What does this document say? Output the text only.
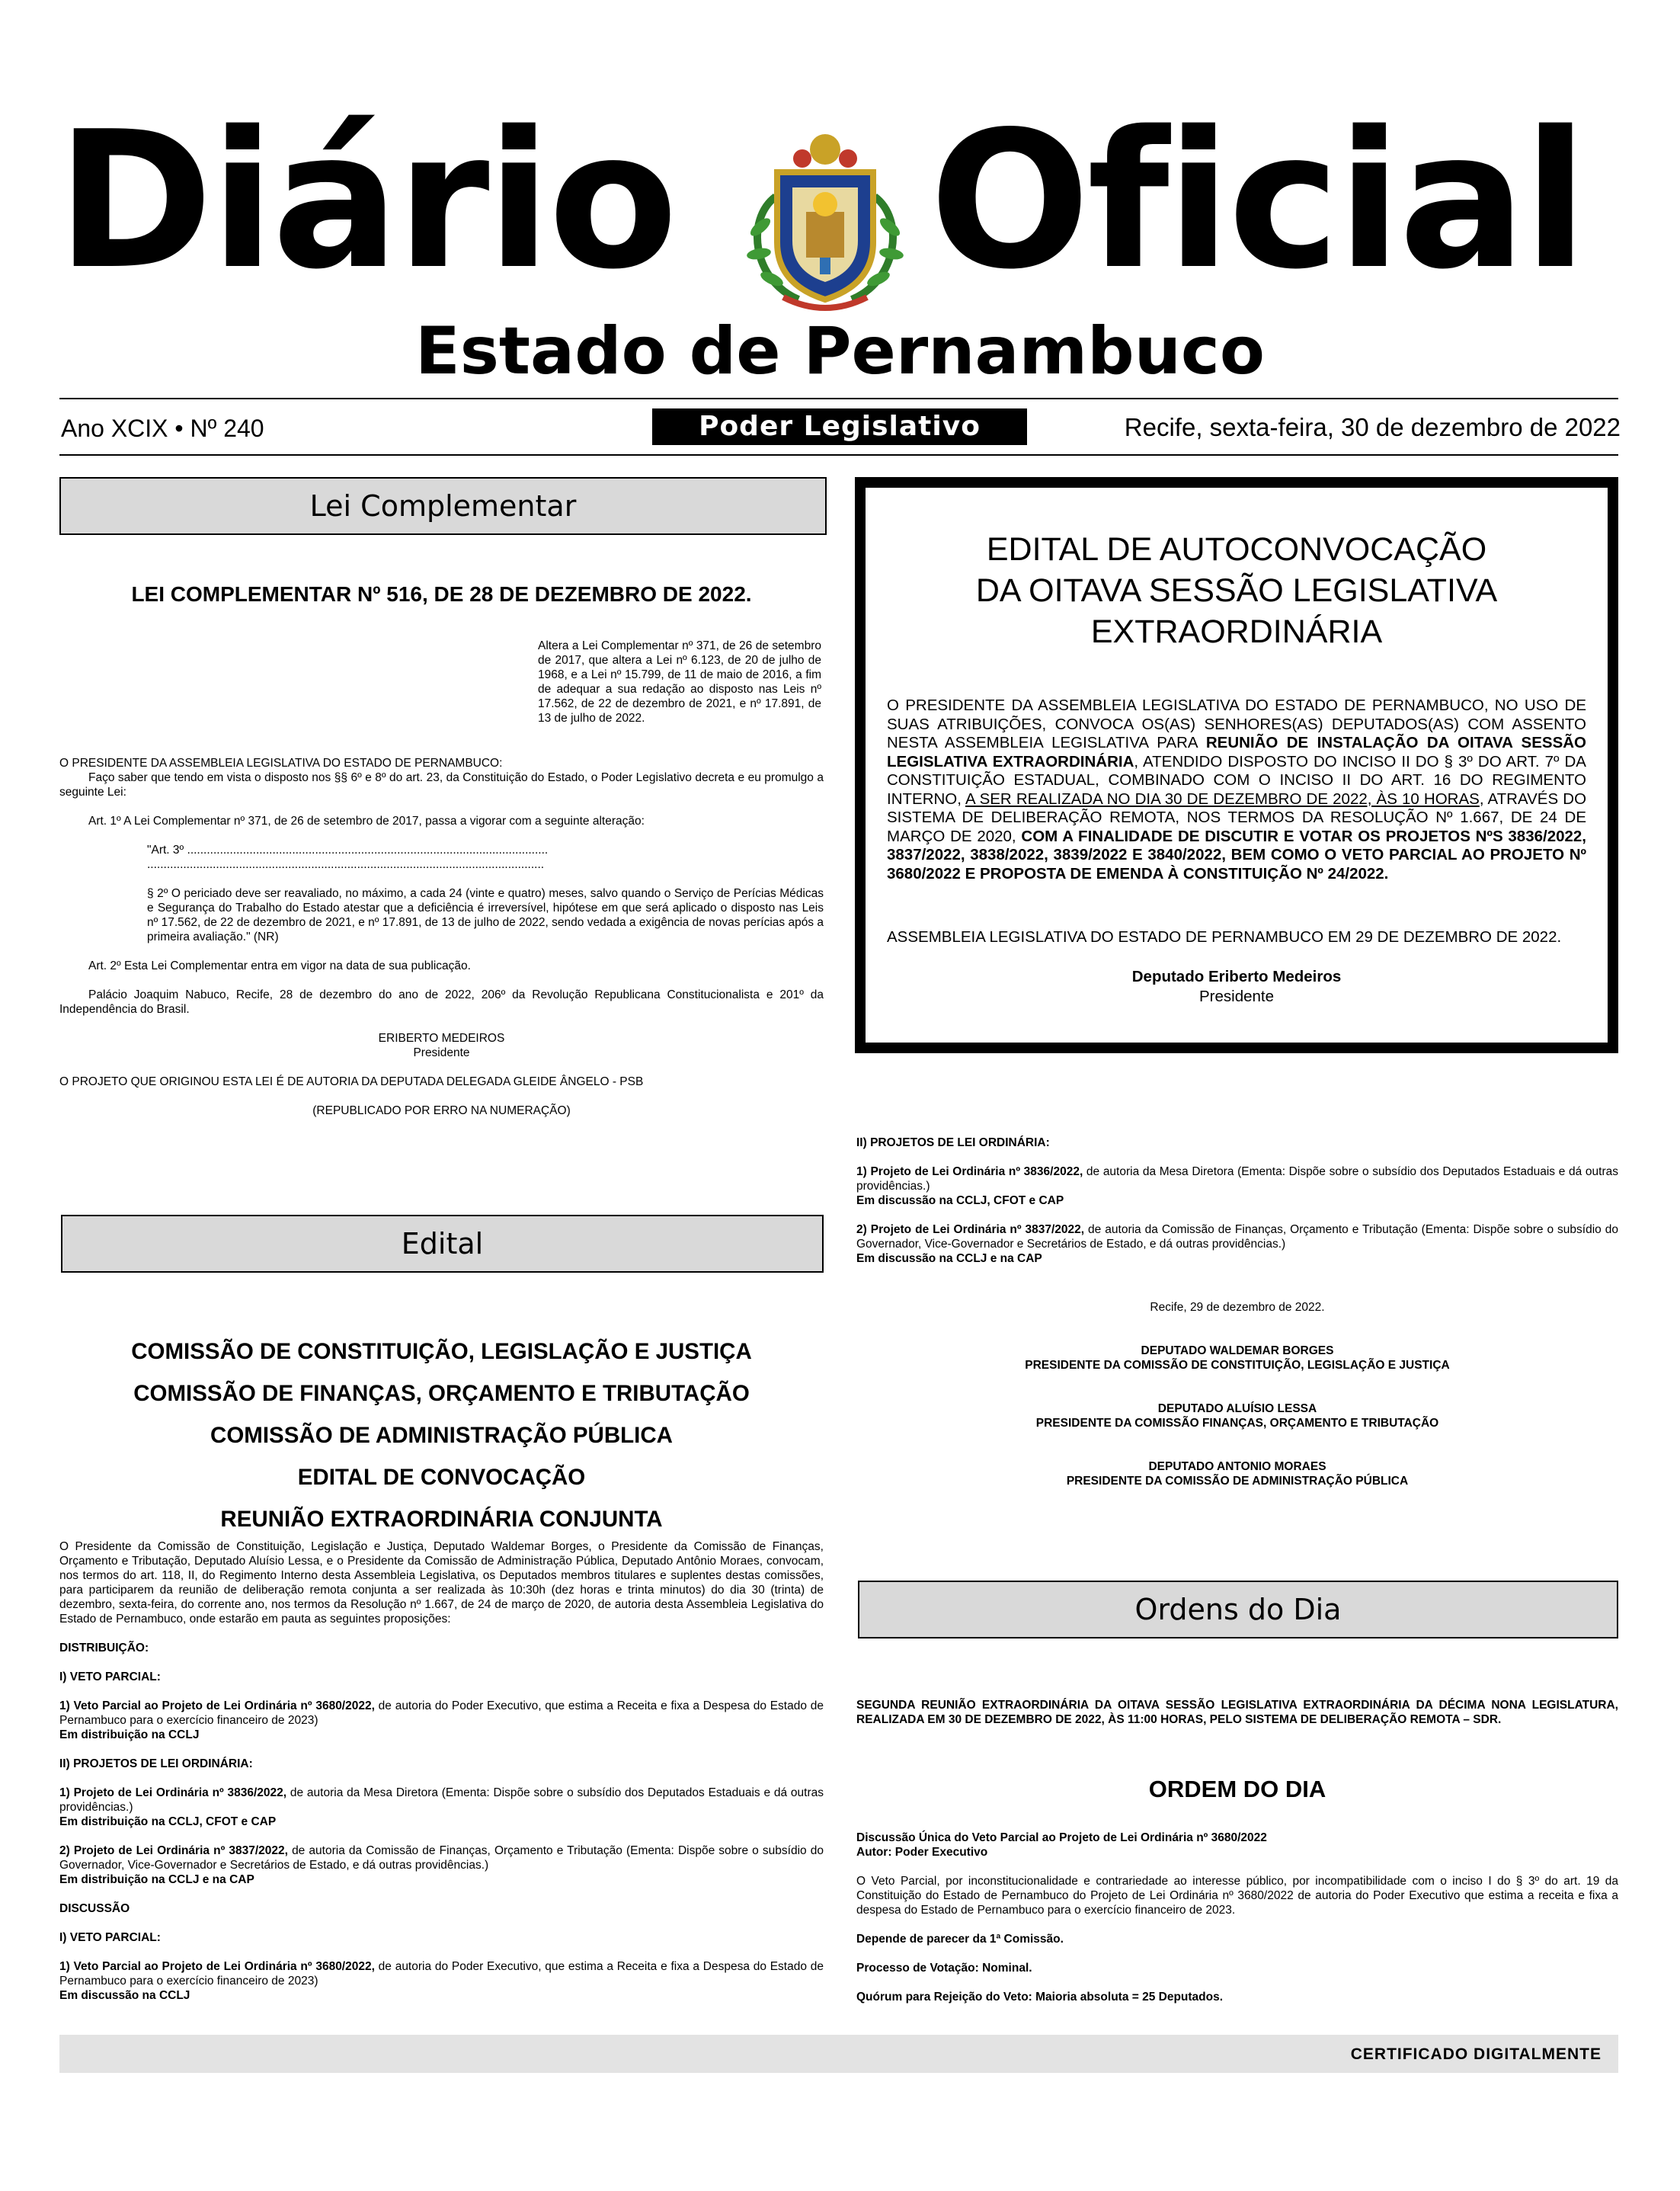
Diário Oficial
Estado de Pernambuco
Ano XCIX • Nº 240	Poder Legislativo	Recife, sexta-feira, 30 de dezembro de 2022
Lei Complementar
LEI COMPLEMENTAR Nº 516, DE 28 DE DEZEMBRO DE 2022.
Altera a Lei Complementar nº 371, de 26 de setembro de 2017, que altera a Lei nº 6.123, de 20 de julho de 1968, e a Lei nº 15.799, de 11 de maio de 2016, a fim de adequar a sua redação ao disposto nas Leis nº 17.562, de 22 de dezembro de 2021, e nº 17.891, de 13 de julho de 2022.

O PRESIDENTE DA ASSEMBLEIA LEGISLATIVA DO ESTADO DE PERNAMBUCO:

Faço saber que tendo em vista o disposto nos §§ 6º e 8º do art. 23, da Constituição do Estado, o Poder Legislativo decreta e eu promulgo a seguinte Lei:

Art. 1º A Lei Complementar nº 371, de 26 de setembro de 2017, passa a vigorar com a seguinte alteração:

"Art. 3º ..............................................................................................................
.........................................................................................................................

§ 2º O periciado deve ser reavaliado, no máximo, a cada 24 (vinte e quatro) meses, salvo quando o Serviço de Perícias Médicas e Segurança do Trabalho do Estado atestar que a deficiência é irreversível, hipótese em que será aplicado o disposto nas Leis nº 17.562, de 22 de dezembro de 2021, e nº 17.891, de 13 de julho de 2022, sendo vedada a exigência de novas perícias após a primeira avaliação." (NR)

Art. 2º Esta Lei Complementar entra em vigor na data de sua publicação.

Palácio Joaquim Nabuco, Recife, 28 de dezembro do ano de 2022, 206º da Revolução Republicana Constitucionalista e 201º da Independência do Brasil.

ERIBERTO MEDEIROS
Presidente

O PROJETO QUE ORIGINOU ESTA LEI É DE AUTORIA DA DEPUTADA DELEGADA GLEIDE ÂNGELO - PSB

(REPUBLICADO POR ERRO NA NUMERAÇÃO)

EDITAL DE AUTOCONVOCAÇÃO
DA OITAVA SESSÃO LEGISLATIVA
EXTRAORDINÁRIA
O PRESIDENTE DA ASSEMBLEIA LEGISLATIVA DO ESTADO DE PERNAMBUCO, NO USO DE SUAS ATRIBUIÇÕES, CONVOCA OS(AS) SENHORES(AS) DEPUTADOS(AS) COM ASSENTO NESTA ASSEMBLEIA LEGISLATIVA PARA REUNIÃO DE INSTALAÇÃO DA OITAVA SESSÃO LEGISLATIVA EXTRAORDINÁRIA, ATENDIDO DISPOSTO DO INCISO II DO § 3º DO ART. 7º DA CONSTITUIÇÃO ESTADUAL, COMBINADO COM O INCISO II DO ART. 16 DO REGIMENTO INTERNO, A SER REALIZADA NO DIA 30 DE DEZEMBRO DE 2022, ÀS 10 HORAS, ATRAVÉS DO SISTEMA DE DELIBERAÇÃO REMOTA, NOS TERMOS DA RESOLUÇÃO Nº 1.667, DE 24 DE MARÇO DE 2020, COM A FINALIDADE DE DISCUTIR E VOTAR OS PROJETOS NºS 3836/2022, 3837/2022, 3838/2022, 3839/2022 E 3840/2022, BEM COMO O VETO PARCIAL AO PROJETO Nº 3680/2022 E PROPOSTA DE EMENDA À CONSTITUIÇÃO Nº 24/2022.
ASSEMBLEIA LEGISLATIVA DO ESTADO DE PERNAMBUCO EM 29 DE DEZEMBRO DE 2022.
Deputado Eriberto Medeiros
Presidente

II) PROJETOS DE LEI ORDINÁRIA:

1) Projeto de Lei Ordinária nº 3836/2022, de autoria da Mesa Diretora (Ementa: Dispõe sobre o subsídio dos Deputados Estaduais e dá outras providências.)

Em discussão na CCLJ, CFOT e CAP

2) Projeto de Lei Ordinária nº 3837/2022, de autoria da Comissão de Finanças, Orçamento e Tributação (Ementa: Dispõe sobre o subsídio do Governador, Vice-Governador e Secretários de Estado, e dá outras providências.)

Em discussão na CCLJ e na CAP

Recife, 29 de dezembro de 2022.

DEPUTADO WALDEMAR BORGES
PRESIDENTE DA COMISSÃO DE CONSTITUIÇÃO, LEGISLAÇÃO E JUSTIÇA
DEPUTADO ALUÍSIO LESSA
PRESIDENTE DA COMISSÃO FINANÇAS, ORÇAMENTO E TRIBUTAÇÃO
DEPUTADO ANTONIO MORAES
PRESIDENTE DA COMISSÃO DE ADMINISTRAÇÃO PÚBLICA
Edital
COMISSÃO DE CONSTITUIÇÃO, LEGISLAÇÃO E JUSTIÇA
COMISSÃO DE FINANÇAS, ORÇAMENTO E TRIBUTAÇÃO
COMISSÃO DE ADMINISTRAÇÃO PÚBLICA
EDITAL DE CONVOCAÇÃO
REUNIÃO EXTRAORDINÁRIA CONJUNTA

O Presidente da Comissão de Constituição, Legislação e Justiça, Deputado Waldemar Borges, o Presidente da Comissão de Finanças, Orçamento e Tributação, Deputado Aluísio Lessa, e o Presidente da Comissão de Administração Pública, Deputado Antônio Moraes, convocam, nos termos do art. 118, II, do Regimento Interno desta Assembleia Legislativa, os Deputados membros titulares e suplentes destas comissões, para participarem da reunião de deliberação remota conjunta a ser realizada às 10:30h (dez horas e trinta minutos) do dia 30 (trinta) de dezembro, sexta-feira, do corrente ano, nos termos da Resolução nº 1.667, de 24 de março de 2020, de autoria desta Assembleia Legislativa do Estado de Pernambuco, onde estarão em pauta as seguintes proposições:

DISTRIBUIÇÃO:

I) VETO PARCIAL:

1) Veto Parcial ao Projeto de Lei Ordinária nº 3680/2022, de autoria do Poder Executivo, que estima a Receita e fixa a Despesa do Estado de Pernambuco para o exercício financeiro de 2023)

Em distribuição na CCLJ

II) PROJETOS DE LEI ORDINÁRIA:

1) Projeto de Lei Ordinária nº 3836/2022, de autoria da Mesa Diretora (Ementa: Dispõe sobre o subsídio dos Deputados Estaduais e dá outras providências.)

Em distribuição na CCLJ, CFOT e CAP

2) Projeto de Lei Ordinária nº 3837/2022, de autoria da Comissão de Finanças, Orçamento e Tributação (Ementa: Dispõe sobre o subsídio do Governador, Vice-Governador e Secretários de Estado, e dá outras providências.)

Em distribuição na CCLJ e na CAP

DISCUSSÃO

I) VETO PARCIAL:

1) Veto Parcial ao Projeto de Lei Ordinária nº 3680/2022, de autoria do Poder Executivo, que estima a Receita e fixa a Despesa do Estado de Pernambuco para o exercício financeiro de 2023)
Em discussão na CCLJ
Ordens do Dia
SEGUNDA REUNIÃO EXTRAORDINÁRIA DA OITAVA SESSÃO LEGISLATIVA EXTRAORDINÁRIA DA DÉCIMA NONA LEGISLATURA, REALIZADA EM 30 DE DEZEMBRO DE 2022, ÀS 11:00 HORAS, PELO SISTEMA DE DELIBERAÇÃO REMOTA – SDR.
ORDEM DO DIA
Discussão Única do Veto Parcial ao Projeto de Lei Ordinária nº 3680/2022

Autor: Poder Executivo

O Veto Parcial, por inconstitucionalidade e contrariedade ao interesse público, por incompatibilidade com o inciso I do § 3º do art. 19 da Constituição do Estado de Pernambuco do Projeto de Lei Ordinária nº 3680/2022 de autoria do Poder Executivo que estima a receita e fixa a despesa do Estado de Pernambuco para o exercício financeiro de 2023.

Depende de parecer da 1ª Comissão.

Processo de Votação: Nominal.

Quórum para Rejeição do Veto: Maioria absoluta = 25 Deputados.

CERTIFICADO DIGITALMENTE
